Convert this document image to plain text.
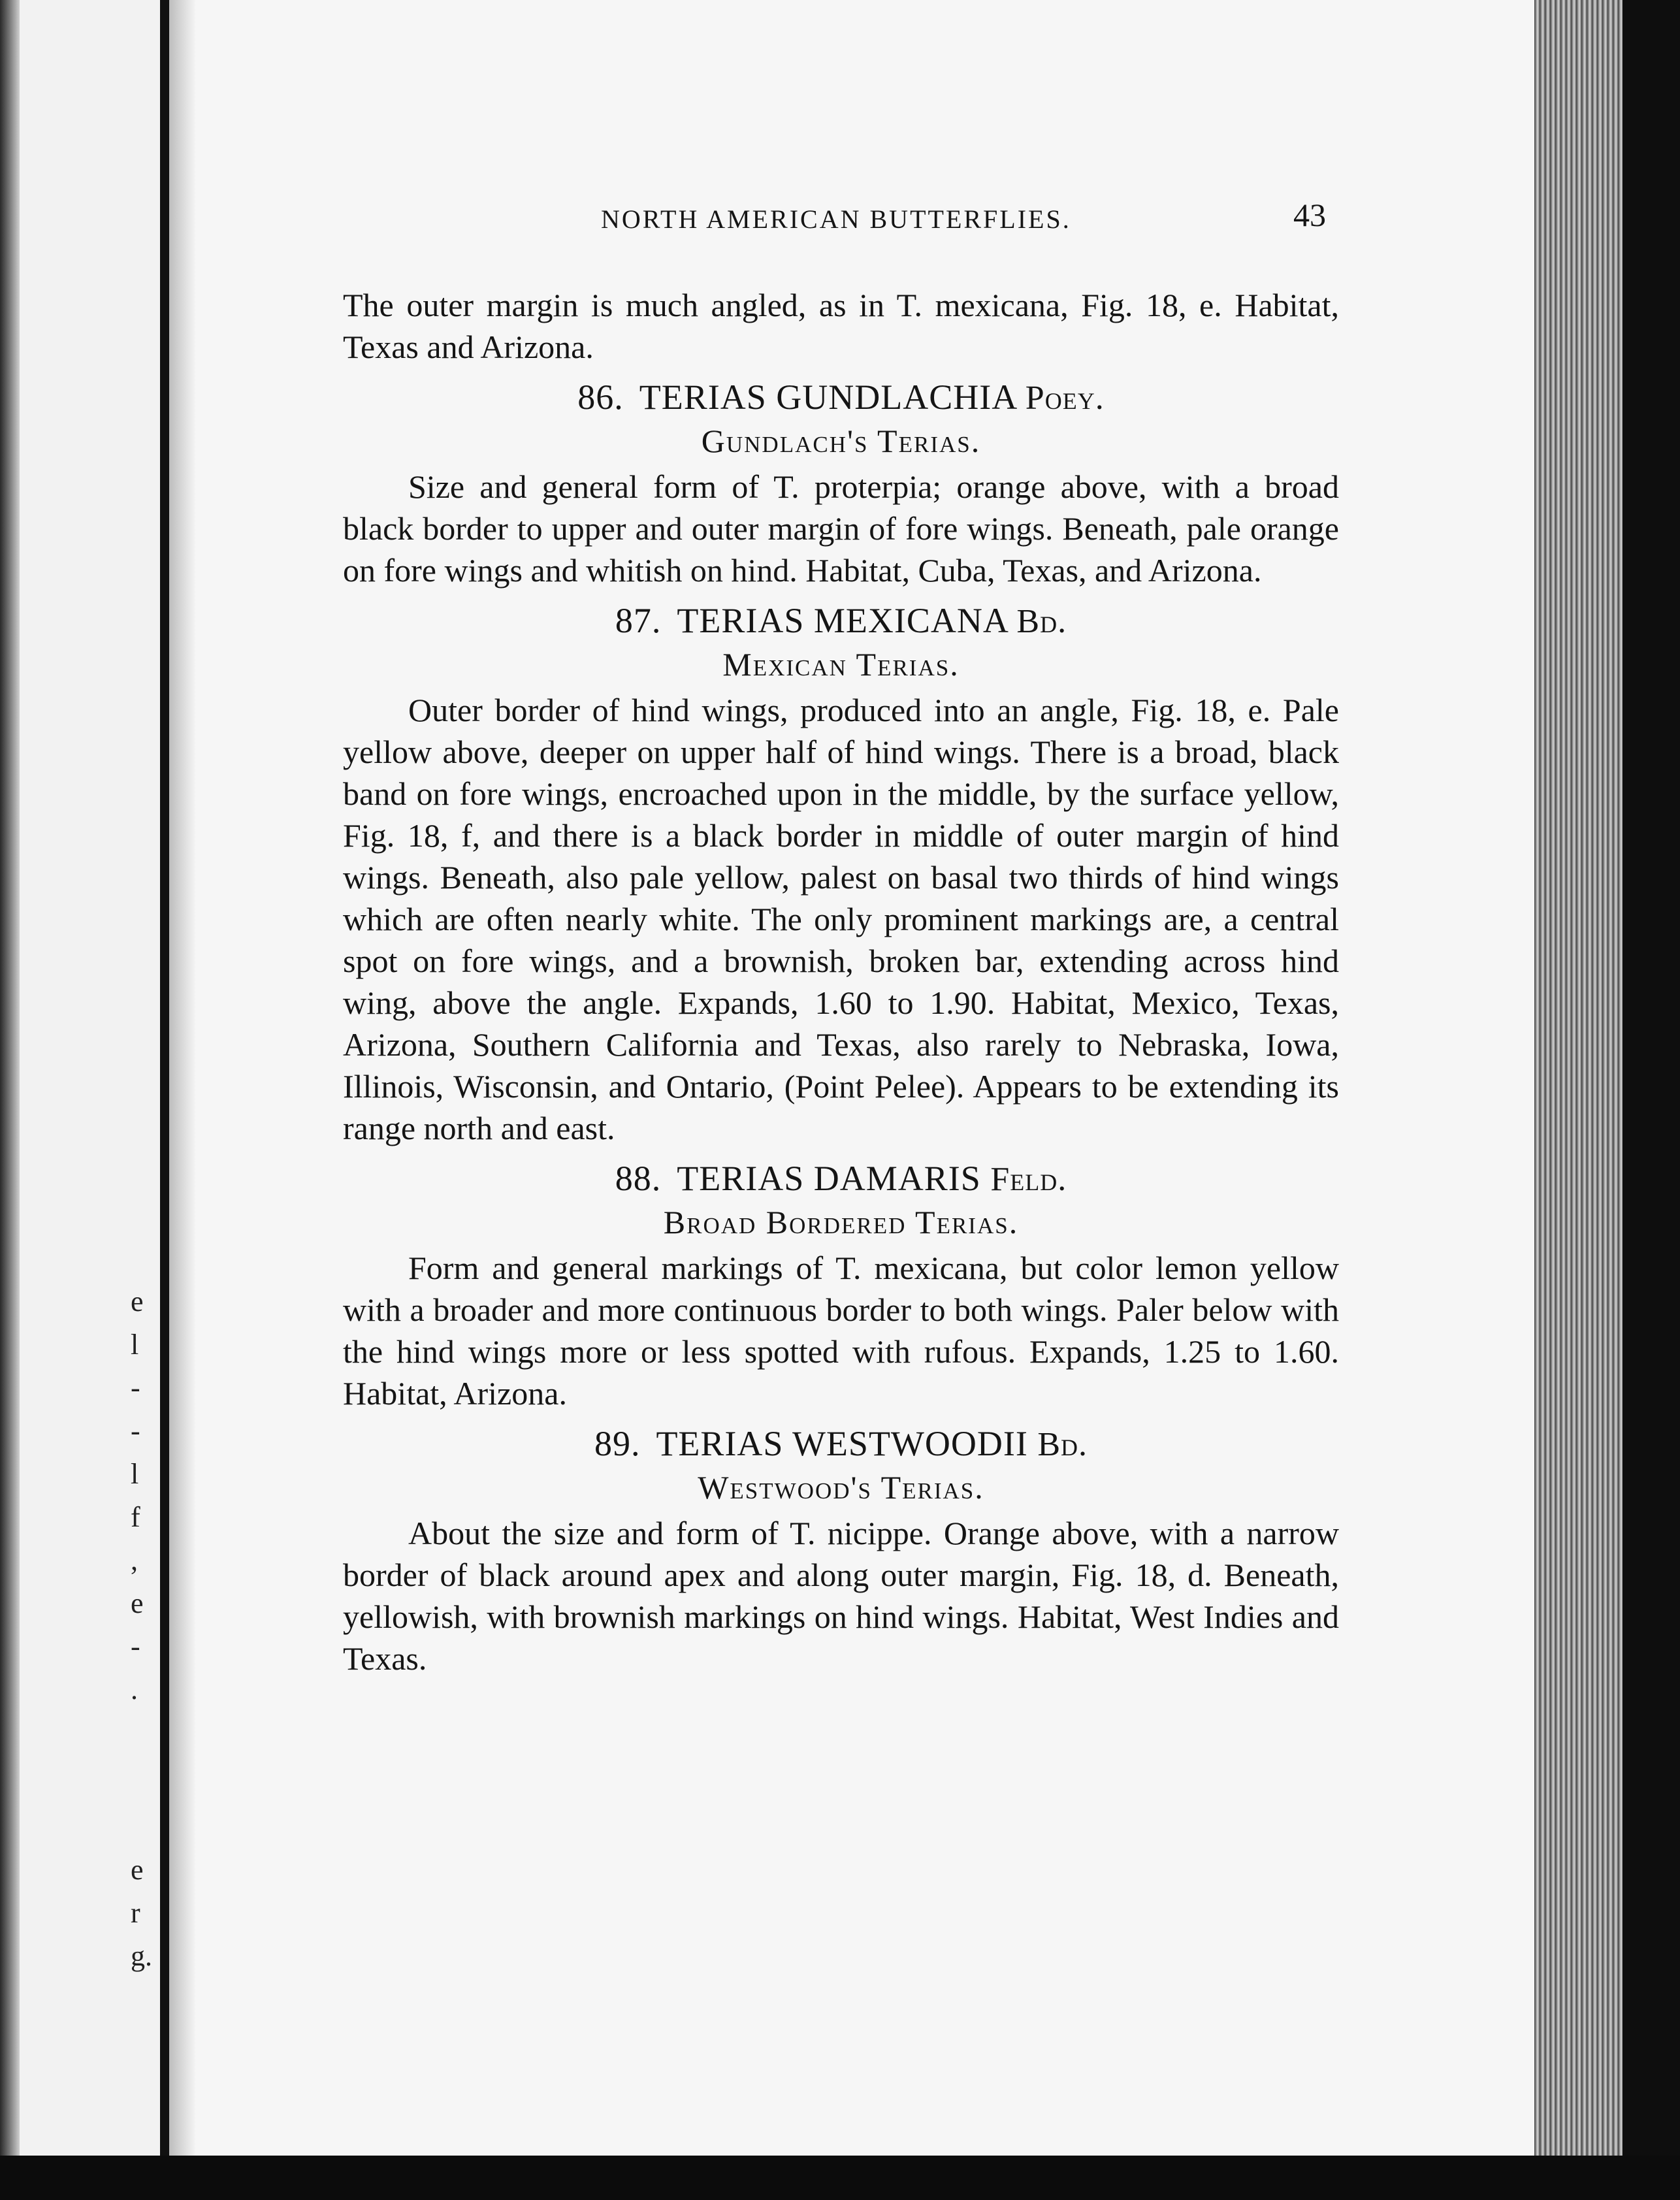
e
l
-
-
l
f
,
e
-
.
e
r
g.
NORTH AMERICAN BUTTERFLIES.	43

The outer margin is much angled, as in T. mexicana, Fig. 18, e. Habitat, Texas and Arizona.

86. TERIAS GUNDLACHIA Poey.
Gundlach's Terias.

Size and general form of T. proterpia; orange above, with a broad black border to upper and outer margin of fore wings. Beneath, pale orange on fore wings and whitish on hind. Habitat, Cuba, Texas, and Arizona.

87. TERIAS MEXICANA Bd.
Mexican Terias.

Outer border of hind wings, produced into an angle, Fig. 18, e. Pale yellow above, deeper on upper half of hind wings. There is a broad, black band on fore wings, encroached upon in the middle, by the surface yellow, Fig. 18, f, and there is a black border in middle of outer margin of hind wings. Beneath, also pale yellow, palest on basal two thirds of hind wings which are often nearly white. The only prominent markings are, a central spot on fore wings, and a brownish, broken bar, extending across hind wing, above the angle. Expands, 1.60 to 1.90. Habitat, Mexico, Texas, Arizona, Southern California and Texas, also rarely to Nebraska, Iowa, Illinois, Wisconsin, and Ontario, (Point Pelee). Appears to be extending its range north and east.

88. TERIAS DAMARIS Feld.
Broad Bordered Terias.

Form and general markings of T. mexicana, but color lemon yellow with a broader and more continuous border to both wings. Paler below with the hind wings more or less spotted with rufous. Expands, 1.25 to 1.60. Habitat, Arizona.

89. TERIAS WESTWOODII Bd.
Westwood's Terias.

About the size and form of T. nicippe. Orange above, with a narrow border of black around apex and along outer margin, Fig. 18, d. Beneath, yellowish, with brownish markings on hind wings. Habitat, West Indies and Texas.
